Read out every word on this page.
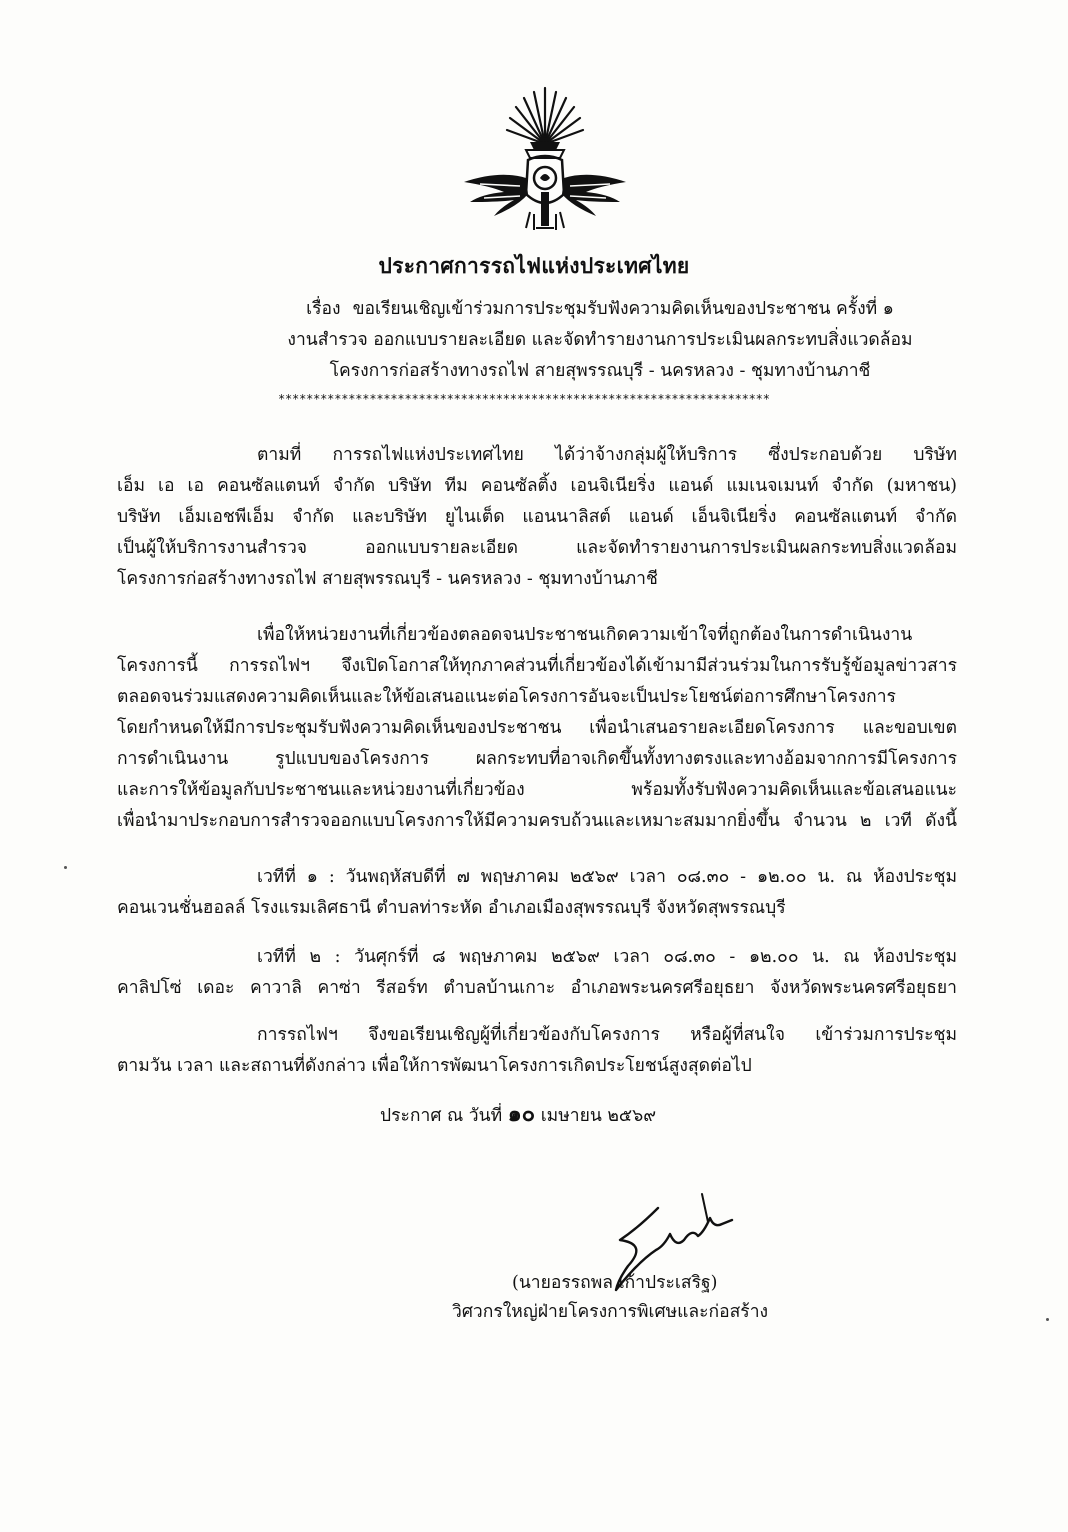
ประกาศการรถไฟแห่งประเทศไทย
เรื่อง ขอเรียนเชิญเข้าร่วมการประชุมรับฟังความคิดเห็นของประชาชน ครั้งที่ ๑
งานสำรวจ ออกแบบรายละเอียด และจัดทำรายงานการประเมินผลกระทบสิ่งแวดล้อม
โครงการก่อสร้างทางรถไฟ สายสุพรรณบุรี - นครหลวง - ชุมทางบ้านภาชี
**********************************************************************
ตามที่ การรถไฟแห่งประเทศไทย ได้ว่าจ้างกลุ่มผู้ให้บริการ ซึ่งประกอบด้วย บริษัท
เอ็ม เอ เอ คอนซัลแตนท์ จำกัด บริษัท ทีม คอนซัลติ้ง เอนจิเนียริ่ง แอนด์ แมเนจเมนท์ จำกัด (มหาชน)
บริษัท เอ็มเอชพีเอ็ม จำกัด และบริษัท ยูไนเต็ด แอนนาลิสต์ แอนด์ เอ็นจิเนียริ่ง คอนซัลแตนท์ จำกัด
เป็นผู้ให้บริการงานสำรวจ ออกแบบรายละเอียด และจัดทำรายงานการประเมินผลกระทบสิ่งแวดล้อม
โครงการก่อสร้างทางรถไฟ สายสุพรรณบุรี - นครหลวง - ชุมทางบ้านภาชี
เพื่อให้หน่วยงานที่เกี่ยวข้องตลอดจนประชาชนเกิดความเข้าใจที่ถูกต้องในการดำเนินงาน
โครงการนี้ การรถไฟฯ จึงเปิดโอกาสให้ทุกภาคส่วนที่เกี่ยวข้องได้เข้ามามีส่วนร่วมในการรับรู้ข้อมูลข่าวสาร
ตลอดจนร่วมแสดงความคิดเห็นและให้ข้อเสนอแนะต่อโครงการอันจะเป็นประโยชน์ต่อการศึกษาโครงการ
โดยกำหนดให้มีการประชุมรับฟังความคิดเห็นของประชาชน เพื่อนำเสนอรายละเอียดโครงการ และขอบเขต
การดำเนินงาน รูปแบบของโครงการ ผลกระทบที่อาจเกิดขึ้นทั้งทางตรงและทางอ้อมจากการมีโครงการ
และการให้ข้อมูลกับประชาชนและหน่วยงานที่เกี่ยวข้อง พร้อมทั้งรับฟังความคิดเห็นและข้อเสนอแนะ
เพื่อนำมาประกอบการสำรวจออกแบบโครงการให้มีความครบถ้วนและเหมาะสมมากยิ่งขึ้น จำนวน ๒ เวที ดังนี้
เวทีที่ ๑ : วันพฤหัสบดีที่ ๗ พฤษภาคม ๒๕๖๙ เวลา ๐๘.๓๐ - ๑๒.๐๐ น. ณ ห้องประชุม
คอนเวนชั่นฮอลล์ โรงแรมเลิศธานี ตำบลท่าระหัด อำเภอเมืองสุพรรณบุรี จังหวัดสุพรรณบุรี
เวทีที่ ๒ : วันศุกร์ที่ ๘ พฤษภาคม ๒๕๖๙ เวลา ๐๘.๓๐ - ๑๒.๐๐ น. ณ ห้องประชุม
คาลิปโซ่ เดอะ คาวาลิ คาซ่า รีสอร์ท ตำบลบ้านเกาะ อำเภอพระนครศรีอยุธยา จังหวัดพระนครศรีอยุธยา
การรถไฟฯ จึงขอเรียนเชิญผู้ที่เกี่ยวข้องกับโครงการ หรือผู้ที่สนใจ เข้าร่วมการประชุม
ตามวัน เวลา และสถานที่ดังกล่าว เพื่อให้การพัฒนาโครงการเกิดประโยชน์สูงสุดต่อไป
ประกาศ ณ วันที่ ๑๐ เมษายน ๒๕๖๙
(นายอรรถพล เก้าประเสริฐ)
วิศวกรใหญ่ฝ่ายโครงการพิเศษและก่อสร้าง
